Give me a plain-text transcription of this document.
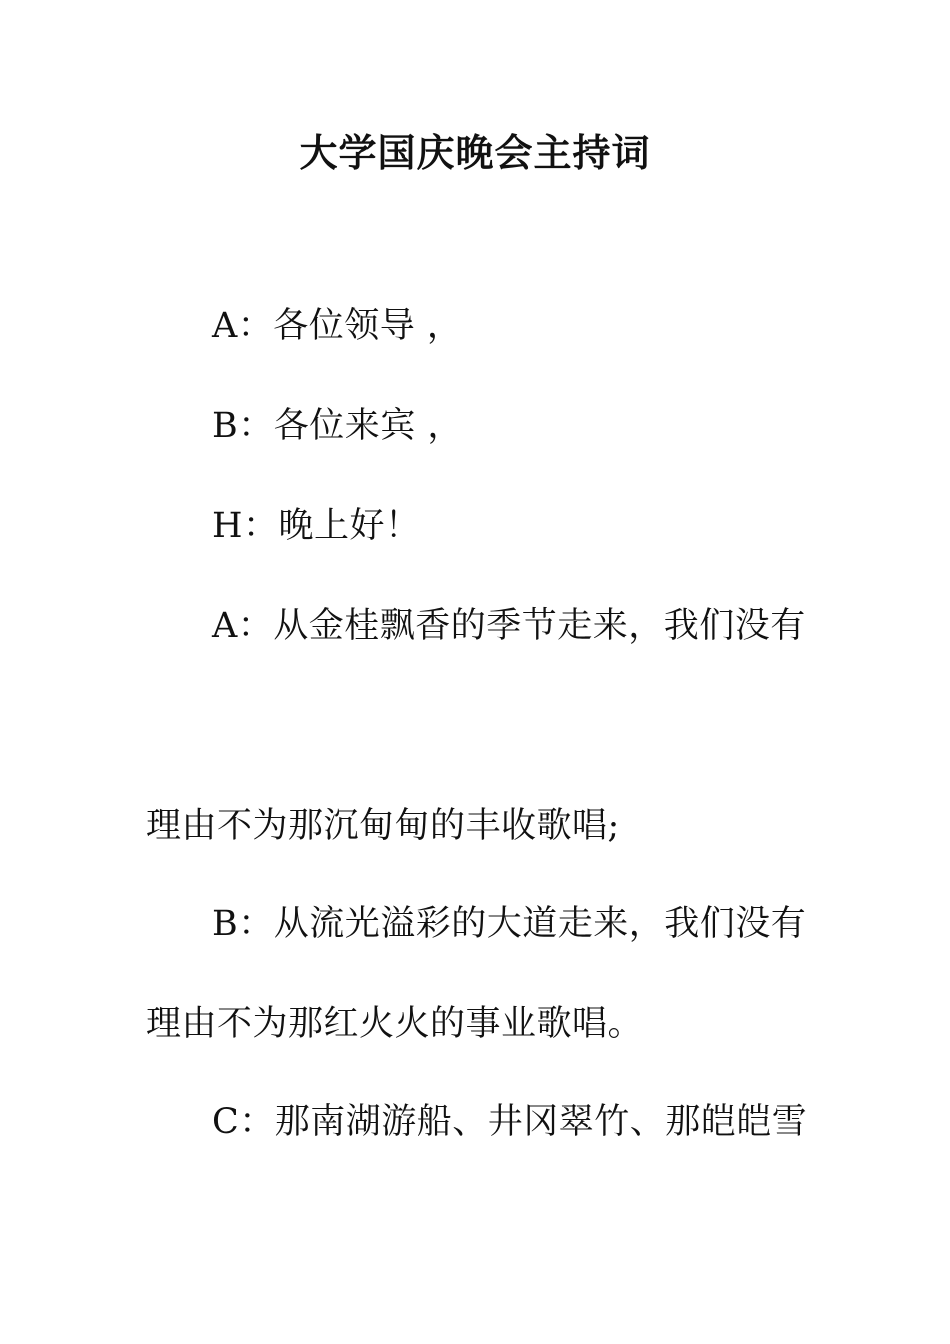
大学国庆晚会主持词
A：各位领导 ，
B：各位来宾 ，
H：晚上好！
A：从金桂飘香的季节走来，我们没有
理由不为那沉甸甸的丰收歌唱;
B：从流光溢彩的大道走来，我们没有
理由不为那红火火的事业歌唱。
C：那南湖游船、井冈翠竹、那皑皑雪
